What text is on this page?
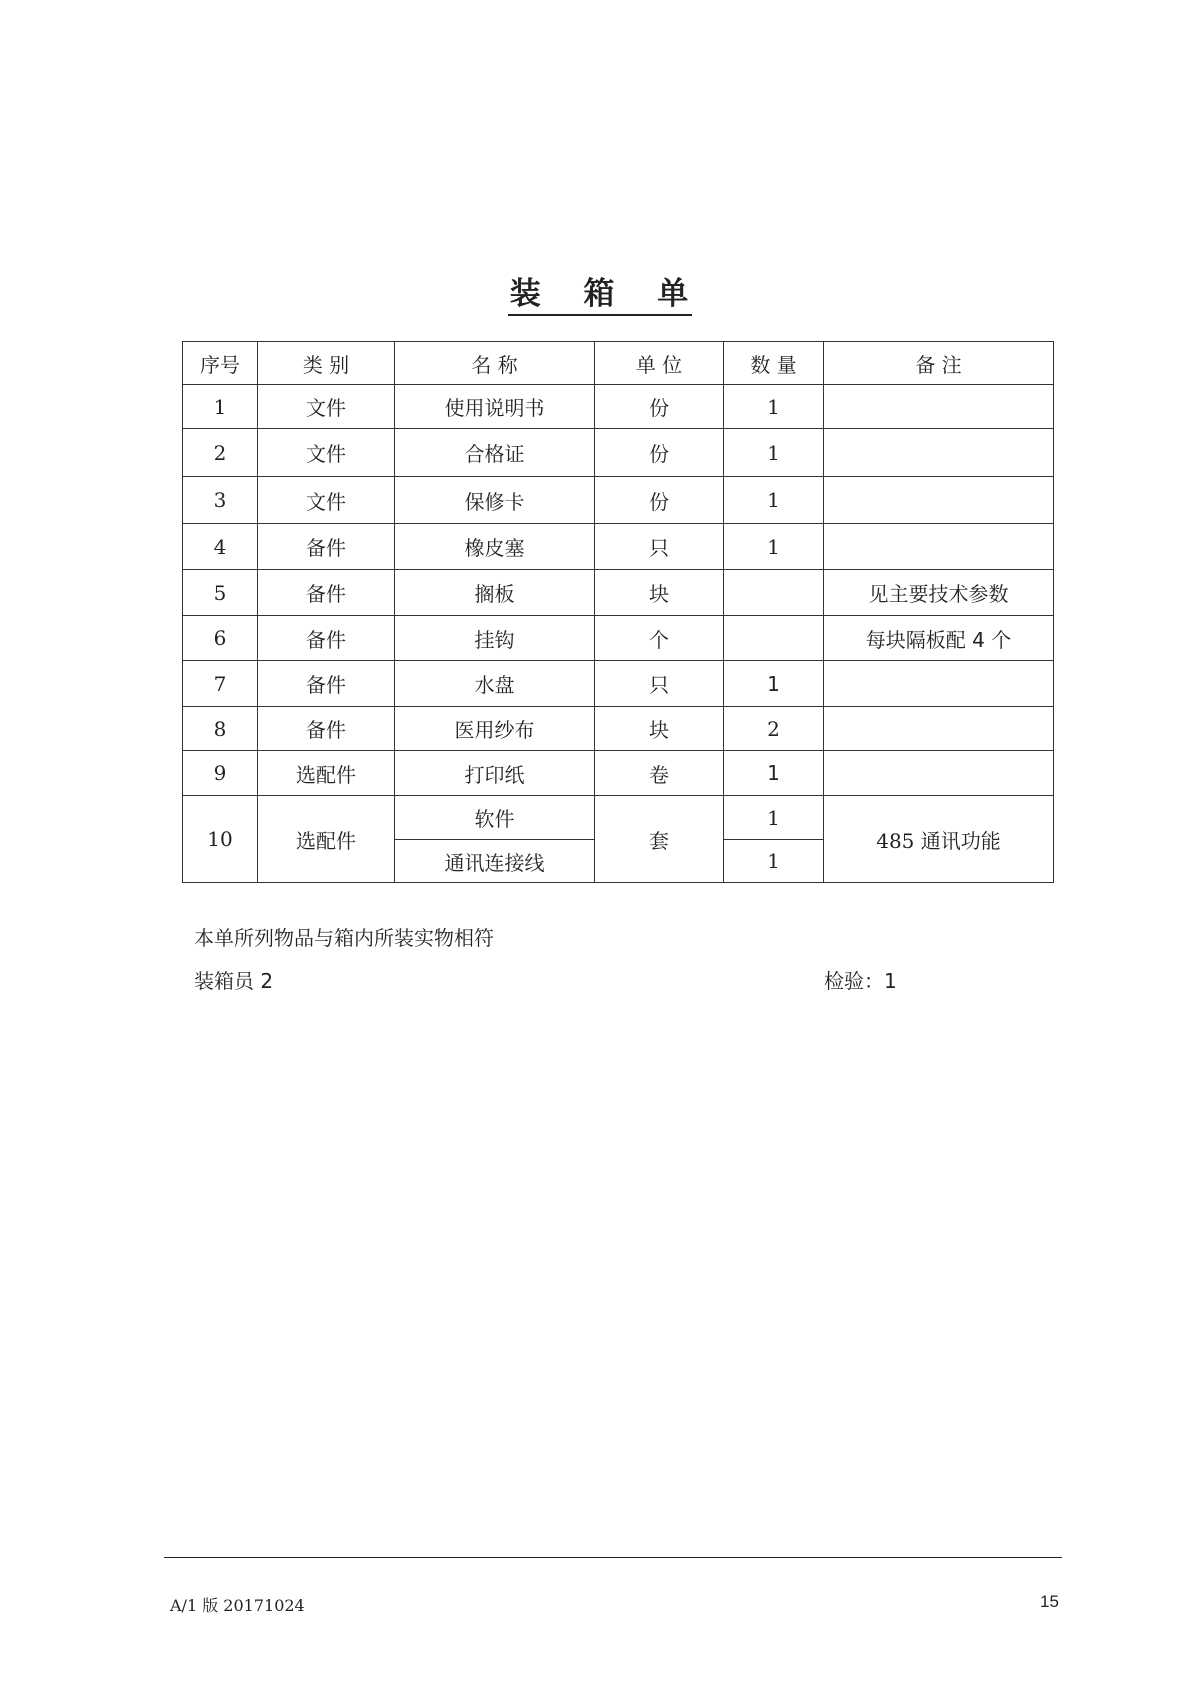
装 箱 单
序号	类 别	名 称	单 位	数 量	备 注
1	文件	使用说明书	份	1	
2	文件	合格证	份	1	
3	文件	保修卡	份	1	
4	备件	橡皮塞	只	1	
5	备件	搁板	块		见主要技术参数
6	备件	挂钩	个		每块隔板配 4 个
7	备件	水盘	只	1	
8	备件	医用纱布	块	2	
9	选配件	打印纸	卷	1	
10	选配件	软件	套	1	485 通讯功能
		通讯连接线		1	
本单所列物品与箱内所装实物相符
装箱员 2	检验：1
A/1 版 20171024	15
